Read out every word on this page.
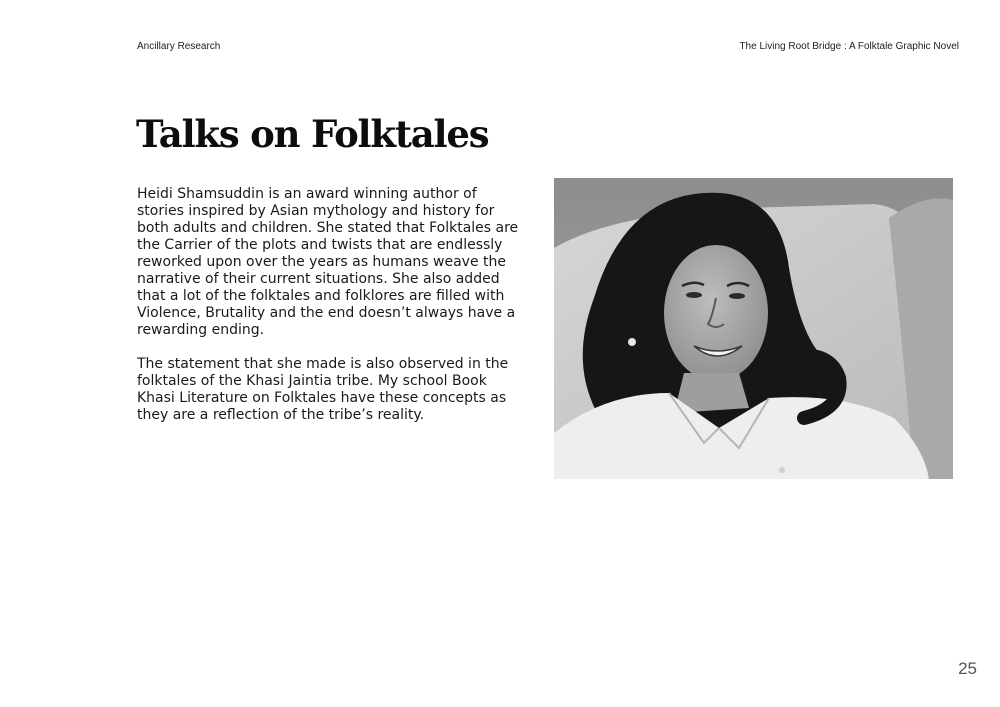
Ancillary Research	The Living Root Bridge : A Folktale Graphic Novel
Talks on Folktales

Heidi Shamsuddin is an award winning author of stories inspired by Asian mythology and history for both adults and children. She stated that Folktales are the Carrier of the plots and twists that are endlessly reworked upon over the years as humans weave the narrative of their current situations. She also added that a lot of the folktales and folklores are filled with Violence, Brutality and the end doesn’t always have a rewarding ending.

The statement that she made is also observed in the folktales of the Khasi Jaintia tribe. My school Book Khasi Literature on Folktales have these concepts as they are a reflection of the tribe’s reality.

25
